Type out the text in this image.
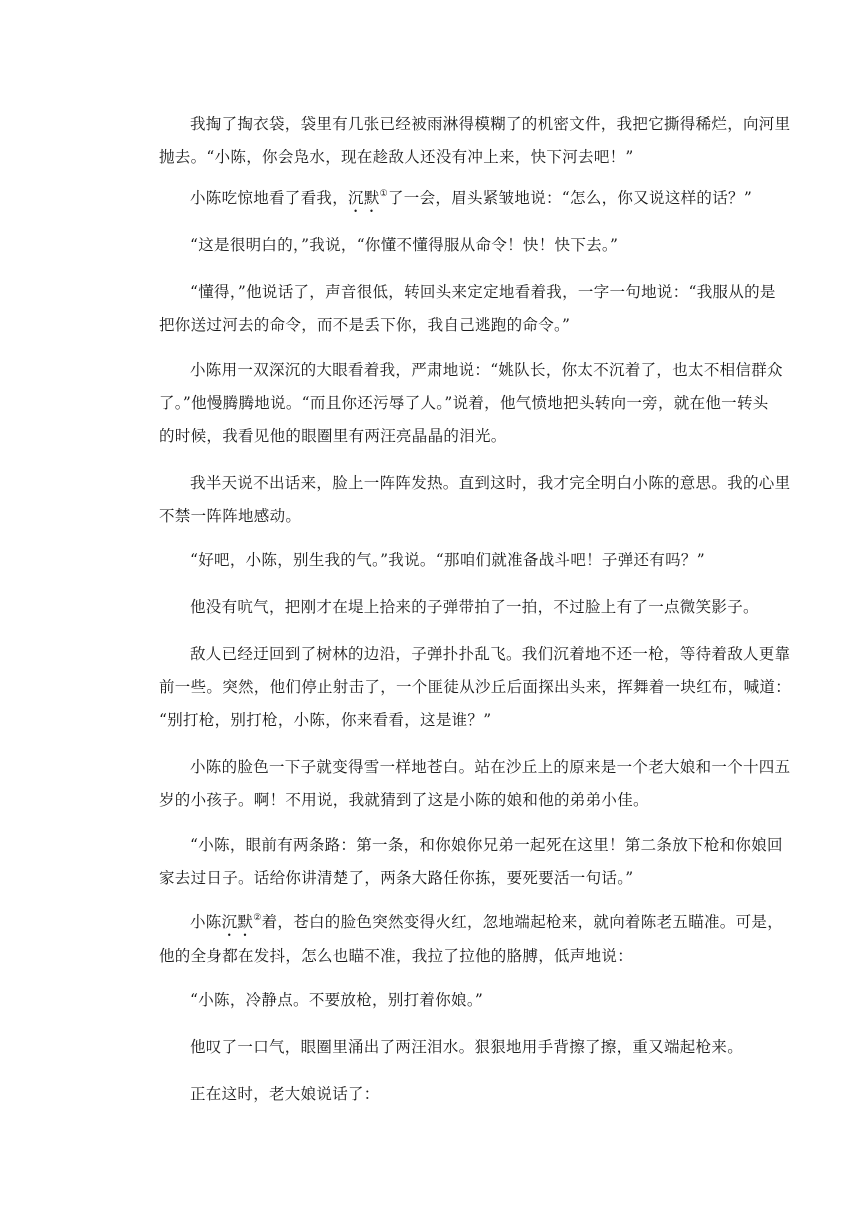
我掏了掏衣袋，袋里有几张已经被雨淋得模糊了的机密文件，我把它撕得稀烂，向河里
抛去。“小陈，你会凫水，现在趁敌人还没有冲上来，快下河去吧！”
小陈吃惊地看了看我，沉默①了一会，眉头紧皱地说：“怎么，你又说这样的话？”
“这是很明白的，”我说，“你懂不懂得服从命令！快！快下去。”
“懂得，”他说话了，声音很低，转回头来定定地看着我，一字一句地说：“我服从的是
把你送过河去的命令，而不是丢下你，我自己逃跑的命令。”
小陈用一双深沉的大眼看着我，严肃地说：“姚队长，你太不沉着了，也太不相信群众
了。”他慢腾腾地说。“而且你还污辱了人。”说着，他气愤地把头转向一旁，就在他一转头
的时候，我看见他的眼圈里有两汪亮晶晶的泪光。
我半天说不出话来，脸上一阵阵发热。直到这时，我才完全明白小陈的意思。我的心里
不禁一阵阵地感动。
“好吧，小陈，别生我的气。”我说。“那咱们就准备战斗吧！子弹还有吗？”
他没有吭气，把刚才在堤上拾来的子弹带拍了一拍，不过脸上有了一点微笑影子。
敌人已经迂回到了树林的边沿，子弹扑扑乱飞。我们沉着地不还一枪，等待着敌人更靠
前一些。突然，他们停止射击了，一个匪徒从沙丘后面探出头来，挥舞着一块红布，喊道：
“别打枪，别打枪，小陈，你来看看，这是谁？”
小陈的脸色一下子就变得雪一样地苍白。站在沙丘上的原来是一个老大娘和一个十四五
岁的小孩子。啊！不用说，我就猜到了这是小陈的娘和他的弟弟小佳。
“小陈，眼前有两条路：第一条，和你娘你兄弟一起死在这里！第二条放下枪和你娘回
家去过日子。话给你讲清楚了，两条大路任你拣，要死要活一句话。”
小陈沉默②着，苍白的脸色突然变得火红，忽地端起枪来，就向着陈老五瞄准。可是，
他的全身都在发抖，怎么也瞄不准，我拉了拉他的胳膊，低声地说：
“小陈，冷静点。不要放枪，别打着你娘。”
他叹了一口气，眼圈里涌出了两汪泪水。狠狠地用手背擦了擦，重又端起枪来。
正在这时，老大娘说话了：
